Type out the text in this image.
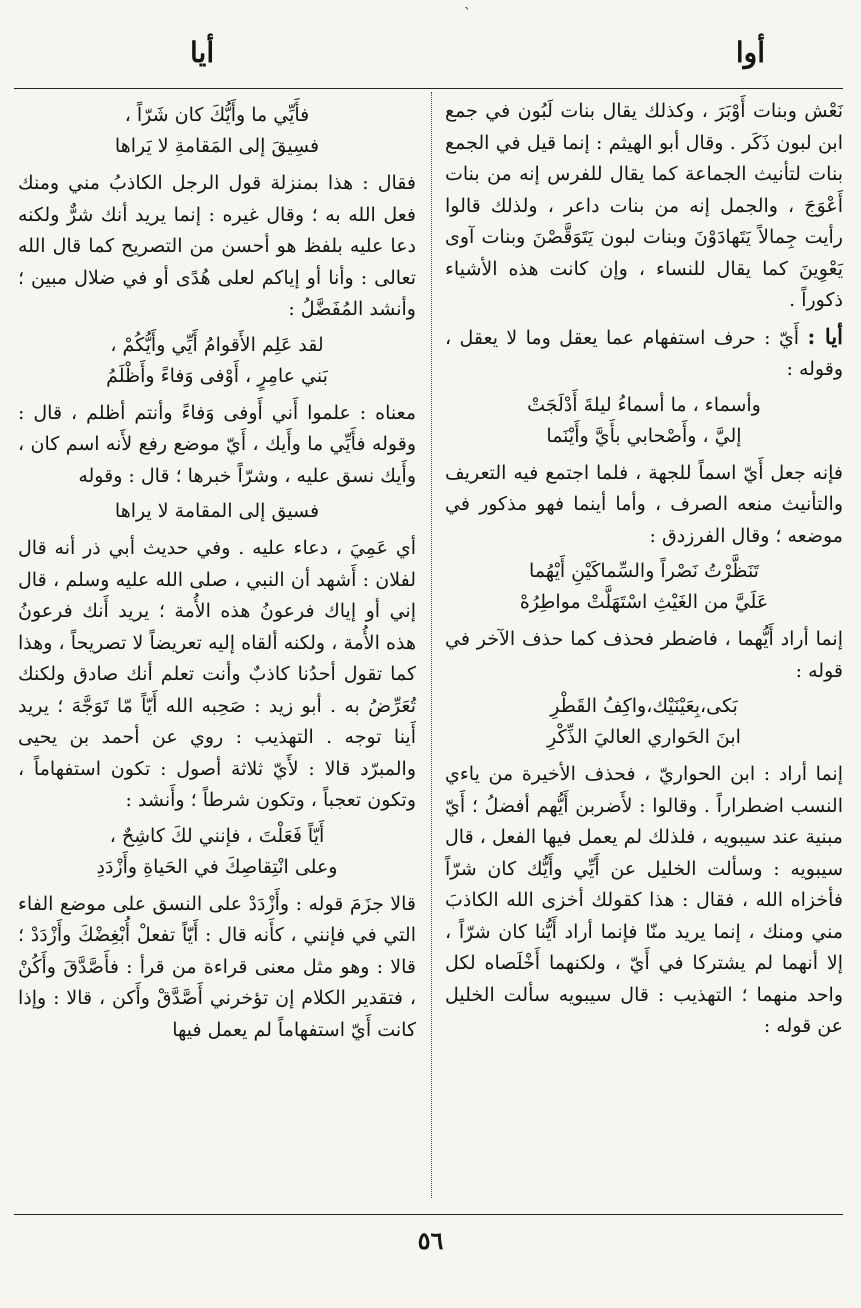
ˋ
أوا
أيا

نَعْش وبنات أَوْبَرَ ، وكذلك يقال بنات لَبُون في جمع ابن لبون ذَكَر . وقال أبو الهيثم : إنما قيل في الجمع بنات لتأنيث الجماعة كما يقال للفرس إنه من بنات أَعْوَجَ ، والجمل إنه من بنات داعر ، ولذلك قالوا رأيت جِمالاً يَتَهادَوْنَ وبنات لبون يَتَوَقَّصْنَ وبنات آوى يَعْوِينَ كما يقال للنساء ، وإن كانت هذه الأشياء ذكوراً .

أيا : أَيّ : حرف استفهام عما يعقل وما لا يعقل ، وقوله :

وأسماء ، ما أسماءُ ليلةَ أَدْلَجَتْ
إليَّ ، وأَصْحابي بأَيَّ وأَيْنَما

فإنه جعل أَيّ اسماً للجهة ، فلما اجتمع فيه التعريف والتأنيث منعه الصرف ، وأما أينما فهو مذكور في موضعه ؛ وقال الفرزدق :

تَنَظَّرْتُ نَصْراً والسِّماكَيْنِ أَيْهُما
عَلَيَّ من الغَيْثِ اسْتَهَلَّتْ مواطِرُهْ

إنما أراد أَيُّهما ، فاضطر فحذف كما حذف الآخر في قوله :

بَكى،بِعَيْنَيْك،واكِفُ القَطْرِ
ابنَ الحَواري العاليَ الذِّكْرِ

إنما أراد : ابن الحواريّ ، فحذف الأخيرة من ياءي النسب اضطراراً . وقالوا : لأَضربن أَيُّهم أفضلُ ؛ أَيّ مبنية عند سيبويه ، فلذلك لم يعمل فيها الفعل ، قال سيبويه : وسألت الخليل عن أَيِّي وأَيُّك كان شرّاً فأخزاه الله ، فقال : هذا كقولك أخزى الله الكاذبَ مني ومنك ، إنما يريد منّا فإنما أراد أَيُّنا كان شرّاً ، إلا أنهما لم يشتركا في أَيّ ، ولكنهما أَخْلَصاه لكل واحد منهما ؛ التهذيب : قال سيبويه سألت الخليل عن قوله :

فأَيِّي ما وأَيُّكَ كان شَرّاً ،
فسِيقَ إلى المَقامةِ لا يَراها

فقال : هذا بمنزلة قول الرجل الكاذبُ مني ومنك فعل الله به ؛ وقال غيره : إنما يريد أنك شرٌّ ولكنه دعا عليه بلفظ هو أحسن من التصريح كما قال الله تعالى : وأنا أو إياكم لعلى هُدًى أو في ضلال مبين ؛ وأنشد المُفَضَّلُ :

لقد عَلِم الأَقوامُ أَيِّي وأَيُّكُمْ ،
بَني عامِرٍ ، أَوْفى وَفاءً وأَظْلَمُ

معناه : علموا أَني أَوفى وَفاءً وأنتم أظلم ، قال : وقوله فأَيِّي ما وأَيك ، أَيّ موضع رفع لأَنه اسم كان ، وأَيك نسق عليه ، وشرّاً خبرها ؛ قال : وقوله

فسيق إلى المقامة لا يراها

أي عَمِيَ ، دعاء عليه . وفي حديث أبي ذر أنه قال لفلان : أَشهد أن النبي ، صلى الله عليه وسلم ، قال إني أو إياك فرعونُ هذه الأُمة ؛ يريد أَنك فرعونُ هذه الأُمة ، ولكنه ألقاه إليه تعريضاً لا تصريحاً ، وهذا كما تقول أحدُنا كاذبٌ وأنت تعلم أنك صادق ولكنك تُعَرِّضُ به . أبو زيد : صَحِبه الله أَيّاً مّا تَوَجَّهَ ؛ يريد أَينا توجه . التهذيب : روي عن أحمد بن يحيى والمبرّد قالا : لأَيّ ثلاثة أصول : تكون استفهاماً ، وتكون تعجباً ، وتكون شرطاً ؛ وأَنشد :

أَيّاً فَعَلْتَ ، فإنني لكَ كاشِحٌ ،
وعلى انْتِقاصِكَ في الحَياةِ وأَزْدَدِ

قالا جزَمَ قوله : وأَزْدَدْ على النسق على موضع الفاء التي في فإنني ، كأَنه قال : أَيّاً تفعلْ أُبْغِضْكَ وأَزْدَدْ ؛ قالا : وهو مثل معنى قراءة من قرأ : فأَصَّدَّقَ وأَكُنْ ، فتقدير الكلام إن تؤخرني أَصَّدَّقْ وأَكن ، قالا : وإذا كانت أَيّ استفهاماً لم يعمل فيها

٥٦
